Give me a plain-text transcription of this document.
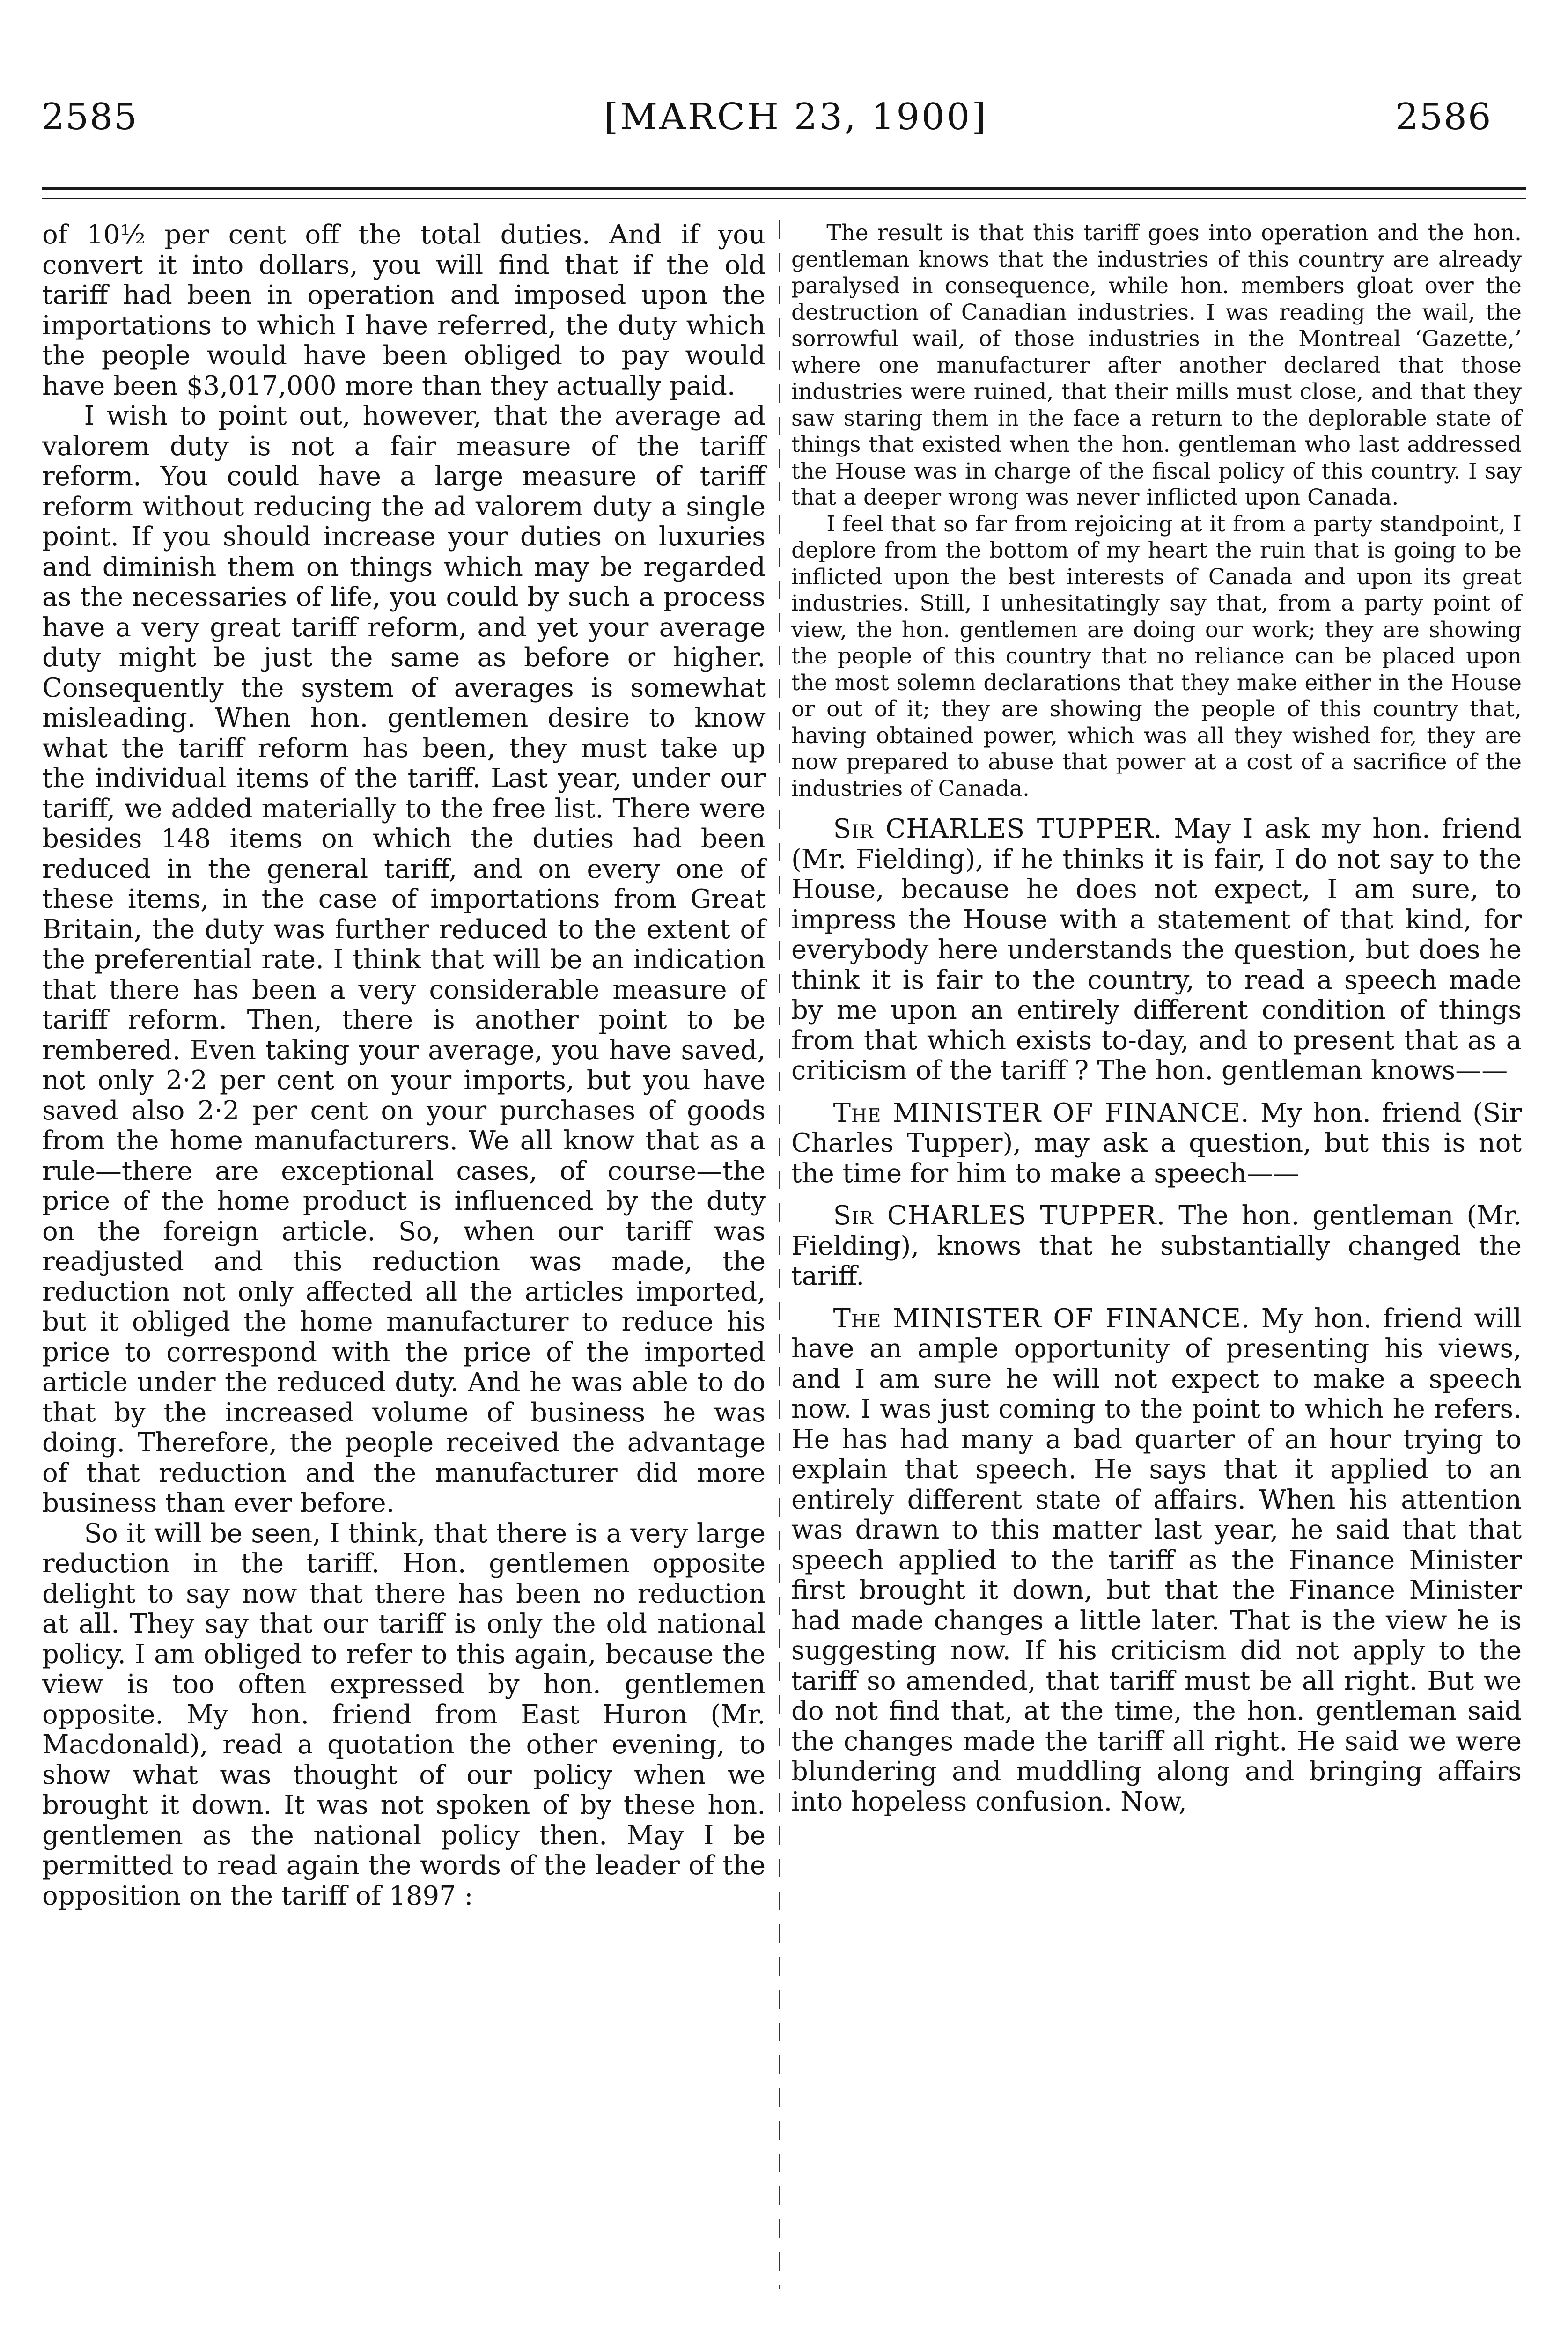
2585	[MARCH 23, 1900]	2586

of 10½ per cent off the total duties. And if you convert it into dollars, you will find that if the old tariff had been in operation and imposed upon the importations to which I have referred, the duty which the people would have been obliged to pay would have been $3,017,000 more than they actually paid.

I wish to point out, however, that the average ad valorem duty is not a fair measure of the tariff reform. You could have a large measure of tariff reform without reducing the ad valorem duty a single point. If you should increase your duties on luxuries and diminish them on things which may be regarded as the necessaries of life, you could by such a process have a very great tariff reform, and yet your average duty might be just the same as before or higher. Consequently the system of averages is somewhat misleading. When hon. gentlemen desire to know what the tariff reform has been, they must take up the individual items of the tariff. Last year, under our tariff, we added materially to the free list. There were besides 148 items on which the duties had been reduced in the general tariff, and on every one of these items, in the case of importations from Great Britain, the duty was further reduced to the extent of the preferential rate. I think that will be an indication that there has been a very considerable measure of tariff reform. Then, there is another point to be rembered. Even taking your average, you have saved, not only 2·2 per cent on your imports, but you have saved also 2·2 per cent on your purchases of goods from the home manufacturers. We all know that as a rule—there are exceptional cases, of course—the price of the home product is influenced by the duty on the foreign article. So, when our tariff was readjusted and this reduction was made, the reduction not only affected all the articles imported, but it obliged the home manufacturer to reduce his price to correspond with the price of the imported article under the reduced duty. And he was able to do that by the increased volume of business he was doing. Therefore, the people received the advantage of that reduction and the manufacturer did more business than ever before.

So it will be seen, I think, that there is a very large reduction in the tariff. Hon. gentlemen opposite delight to say now that there has been no reduction at all. They say that our tariff is only the old national policy. I am obliged to refer to this again, because the view is too often expressed by hon. gentlemen opposite. My hon. friend from East Huron (Mr. Macdonald), read a quotation the other evening, to show what was thought of our policy when we brought it down. It was not spoken of by these hon. gentlemen as the national policy then. May I be permitted to read again the words of the leader of the opposition on the tariff of 1897 :

The result is that this tariff goes into operation and the hon. gentleman knows that the industries of this country are already paralysed in consequence, while hon. members gloat over the destruction of Canadian industries. I was reading the wail, the sorrowful wail, of those industries in the Montreal ‘Gazette,’ where one manufacturer after another declared that those industries were ruined, that their mills must close, and that they saw staring them in the face a return to the deplorable state of things that existed when the hon. gentleman who last addressed the House was in charge of the fiscal policy of this country. I say that a deeper wrong was never inflicted upon Canada.

I feel that so far from rejoicing at it from a party standpoint, I deplore from the bottom of my heart the ruin that is going to be inflicted upon the best interests of Canada and upon its great industries. Still, I unhesitatingly say that, from a party point of view, the hon. gentlemen are doing our work; they are showing the people of this country that no reliance can be placed upon the most solemn declarations that they make either in the House or out of it; they are showing the people of this country that, having obtained power, which was all they wished for, they are now prepared to abuse that power at a cost of a sacrifice of the industries of Canada.

Sir CHARLES TUPPER. May I ask my hon. friend (Mr. Fielding), if he thinks it is fair, I do not say to the House, because he does not expect, I am sure, to impress the House with a statement of that kind, for everybody here understands the question, but does he think it is fair to the country, to read a speech made by me upon an entirely different condition of things from that which exists to-day, and to present that as a criticism of the tariff ? The hon. gentleman knows——

The MINISTER OF FINANCE. My hon. friend (Sir Charles Tupper), may ask a question, but this is not the time for him to make a speech——

Sir CHARLES TUPPER. The hon. gentleman (Mr. Fielding), knows that he substantially changed the tariff.

The MINISTER OF FINANCE. My hon. friend will have an ample opportunity of presenting his views, and I am sure he will not expect to make a speech now. I was just coming to the point to which he refers. He has had many a bad quarter of an hour trying to explain that speech. He says that it applied to an entirely different state of affairs. When his attention was drawn to this matter last year, he said that that speech applied to the tariff as the Finance Minister first brought it down, but that the Finance Minister had made changes a little later. That is the view he is suggesting now. If his criticism did not apply to the tariff so amended, that tariff must be all right. But we do not find that, at the time, the hon. gentleman said the changes made the tariff all right. He said we were blundering and muddling along and bringing affairs into hopeless confusion. Now,
